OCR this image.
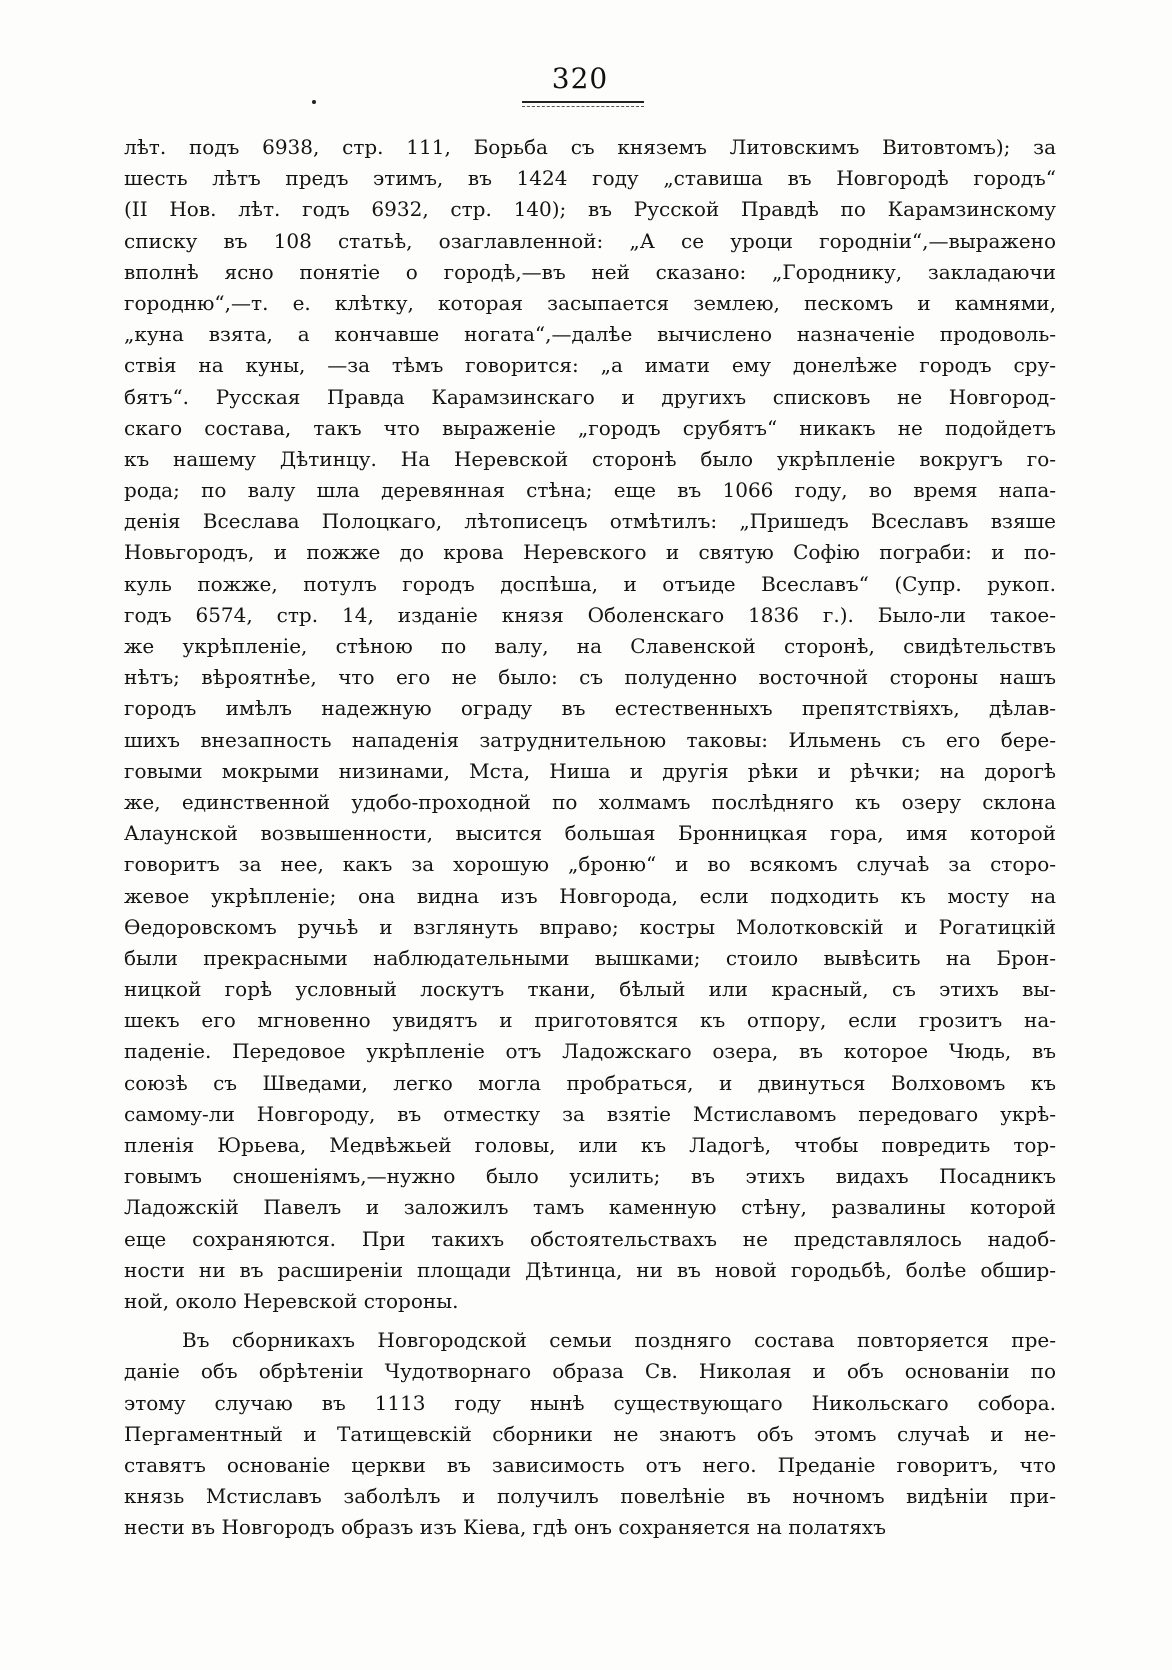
320
лѣт. подъ 6938, стр. 111, Борьба съ княземъ Литовскимъ Витовтомъ); за
шесть лѣтъ предъ этимъ, въ 1424 году „ставиша въ Новгородѣ городъ“
(II Нов. лѣт. годъ 6932, стр. 140); въ Русской Правдѣ по Карамзинскому
списку въ 108 статьѣ, озаглавленной: „А се уроци городнiи“,—выражено
вполнѣ ясно понятiе о городѣ,—въ ней сказано: „Городнику, закладаючи
городню“,—т. е. клѣтку, которая засыпается землею, пескомъ и камнями,
„куна взята, а кончавше ногата“,—далѣе вычислено назначенiе продоволь-
ствiя на куны, —за тѣмъ говорится: „а имати ему донелѣже городъ сру-
бятъ“. Русская Правда Карамзинскаго и другихъ списковъ не Новгород-
скаго состава, такъ что выраженiе „городъ срубятъ“ никакъ не подойдетъ
къ нашему Дѣтинцу. На Неревской сторонѣ было укрѣпленiе вокругъ го-
рода; по валу шла деревянная стѣна; еще въ 1066 году, во время напа-
денiя Всеслава Полоцкаго, лѣтописецъ отмѣтилъ: „Пришедъ Всеславъ взяше
Новьгородъ, и пожже до крова Неревского и святую Софiю пограби: и по-
куль пожже, потулъ городъ доспѣша, и отъиде Всеславъ“ (Супр. рукоп.
годъ 6574, стр. 14, изданiе князя Оболенскаго 1836 г.). Было-ли такое-
же укрѣпленiе, стѣною по валу, на Славенской сторонѣ, свидѣтельствъ
нѣтъ; вѣроятнѣе, что его не было: съ полуденно восточной стороны нашъ
городъ имѣлъ надежную ограду въ естественныхъ препятствiяхъ, дѣлав-
шихъ внезапность нападенiя затруднительною таковы: Ильмень съ его бере-
говыми мокрыми низинами, Мста, Ниша и другiя рѣки и рѣчки; на дорогѣ
же, единственной удобо-проходной по холмамъ послѣдняго къ озеру склона
Алаунской возвышенности, высится большая Бронницкая гора, имя которой
говоритъ за нее, какъ за хорошую „броню“ и во всякомъ случаѣ за сторо-
жевое укрѣпленiе; она видна изъ Новгорода, если подходить къ мосту на
Ѳедоровскомъ ручьѣ и взглянуть вправо; костры Молотковскiй и Рогатицкiй
были прекрасными наблюдательными вышками; стоило вывѣсить на Брон-
ницкой горѣ условный лоскутъ ткани, бѣлый или красный, съ этихъ вы-
шекъ его мгновенно увидятъ и приготовятся къ отпору, если грозитъ на-
паденiе. Передовое укрѣпленiе отъ Ладожскаго озера, въ которое Чюдь, въ
союзѣ съ Шведами, легко могла пробраться, и двинуться Волховомъ къ
самому-ли Новгороду, въ отместку за взятiе Мстиславомъ передоваго укрѣ-
пленiя Юрьева, Медвѣжьей головы, или къ Ладогѣ, чтобы повредить тор-
говымъ сношенiямъ,—нужно было усилить; въ этихъ видахъ Посадникъ
Ладожскiй Павелъ и заложилъ тамъ каменную стѣну, развалины которой
еще сохраняются. При такихъ обстоятельствахъ не представлялось надоб-
ности ни въ расширенiи площади Дѣтинца, ни въ новой городьбѣ, болѣе обшир-
ной, около Неревской стороны.
Въ сборникахъ Новгородской семьи поздняго состава повторяется пре-
данiе объ обрѣтенiи Чудотворнаго образа Св. Николая и объ основанiи по
этому случаю въ 1113 году нынѣ существующаго Никольскаго собора.
Пергаментный и Татищевскiй сборники не знаютъ объ этомъ случаѣ и не-
ставятъ основанiе церкви въ зависимость отъ него. Преданiе говоритъ, что
князь Мстиславъ заболѣлъ и получилъ повелѣнiе въ ночномъ видѣнiи при-
нести въ Новгородъ образъ изъ Кiева, гдѣ онъ сохраняется на полатяхъ
